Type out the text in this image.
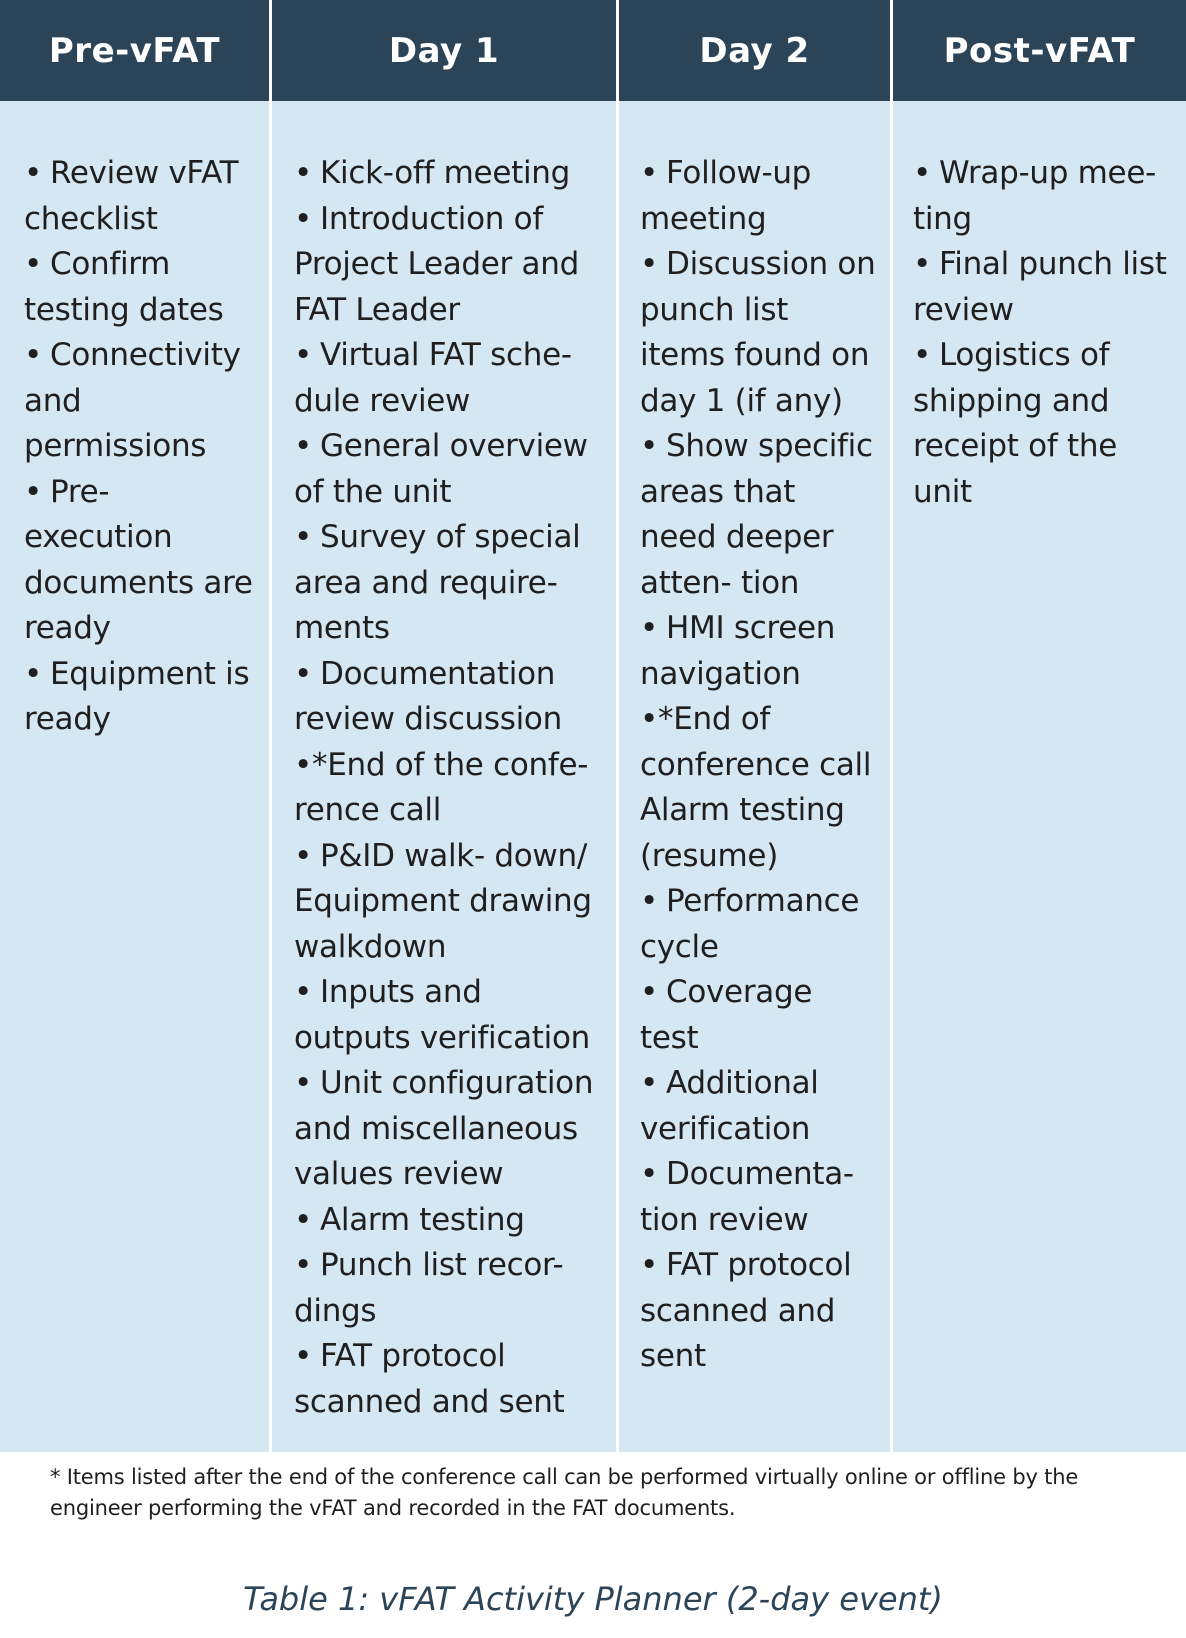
Pre-vFAT
• Review vFAT checklist
• Confirm testing dates
• Connectivity and permissions
• Pre-execution documents are ready
• Equipment is ready
Day 1
• Kick-off meeting
• Introduction of Project Leader and FAT Leader
• Virtual FAT sche- dule review
• General overview of the unit
• Survey of special area and require- ments
• Documentation review discussion
•*End of the confe- rence call
• P&ID walk- down/ Equipment drawing walkdown
• Inputs and outputs verification
• Unit configuration and miscellaneous values review
• Alarm testing
• Punch list recor- dings
• FAT protocol scanned and sent
Day 2
• Follow-up meeting
• Discussion on punch list items found on day 1 (if any)
• Show specific areas that need deeper atten- tion
• HMI screen navigation
•*End of conference call Alarm testing (resume)
• Performance cycle
• Coverage test
• Additional verification
• Documenta- tion review
• FAT protocol scanned and sent
Post-vFAT
• Wrap-up mee- ting
• Final punch list review
• Logistics of shipping and receipt of the unit
* Items listed after the end of the conference call can be performed virtually online or offline by the engineer performing the vFAT and recorded in the FAT documents.
Table 1: vFAT Activity Planner (2-day event)
